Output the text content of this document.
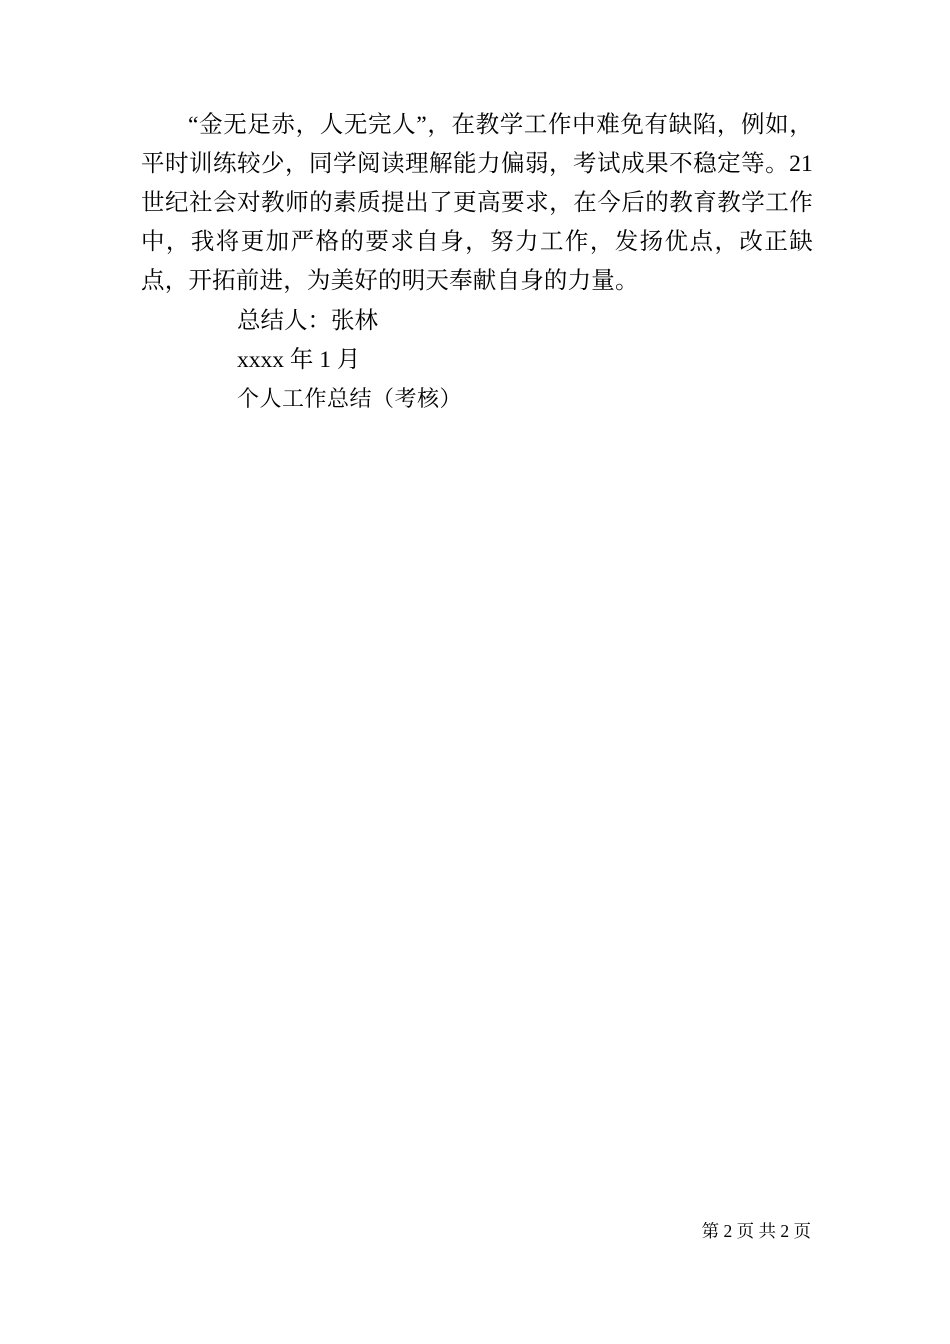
“金无足赤，人无完人”，在教学工作中难免有缺陷，例如，平时训练较少，同学阅读理解能力偏弱，考试成果不稳定等。21 世纪社会对教师的素质提出了更高要求，在今后的教育教学工作中，我将更加严格的要求自身，努力工作，发扬优点，改正缺点，开拓前进，为美好的明天奉献自身的力量。

总结人：张林

xxxx 年 1 月

个人工作总结（考核）

第 2 页 共 2 页
